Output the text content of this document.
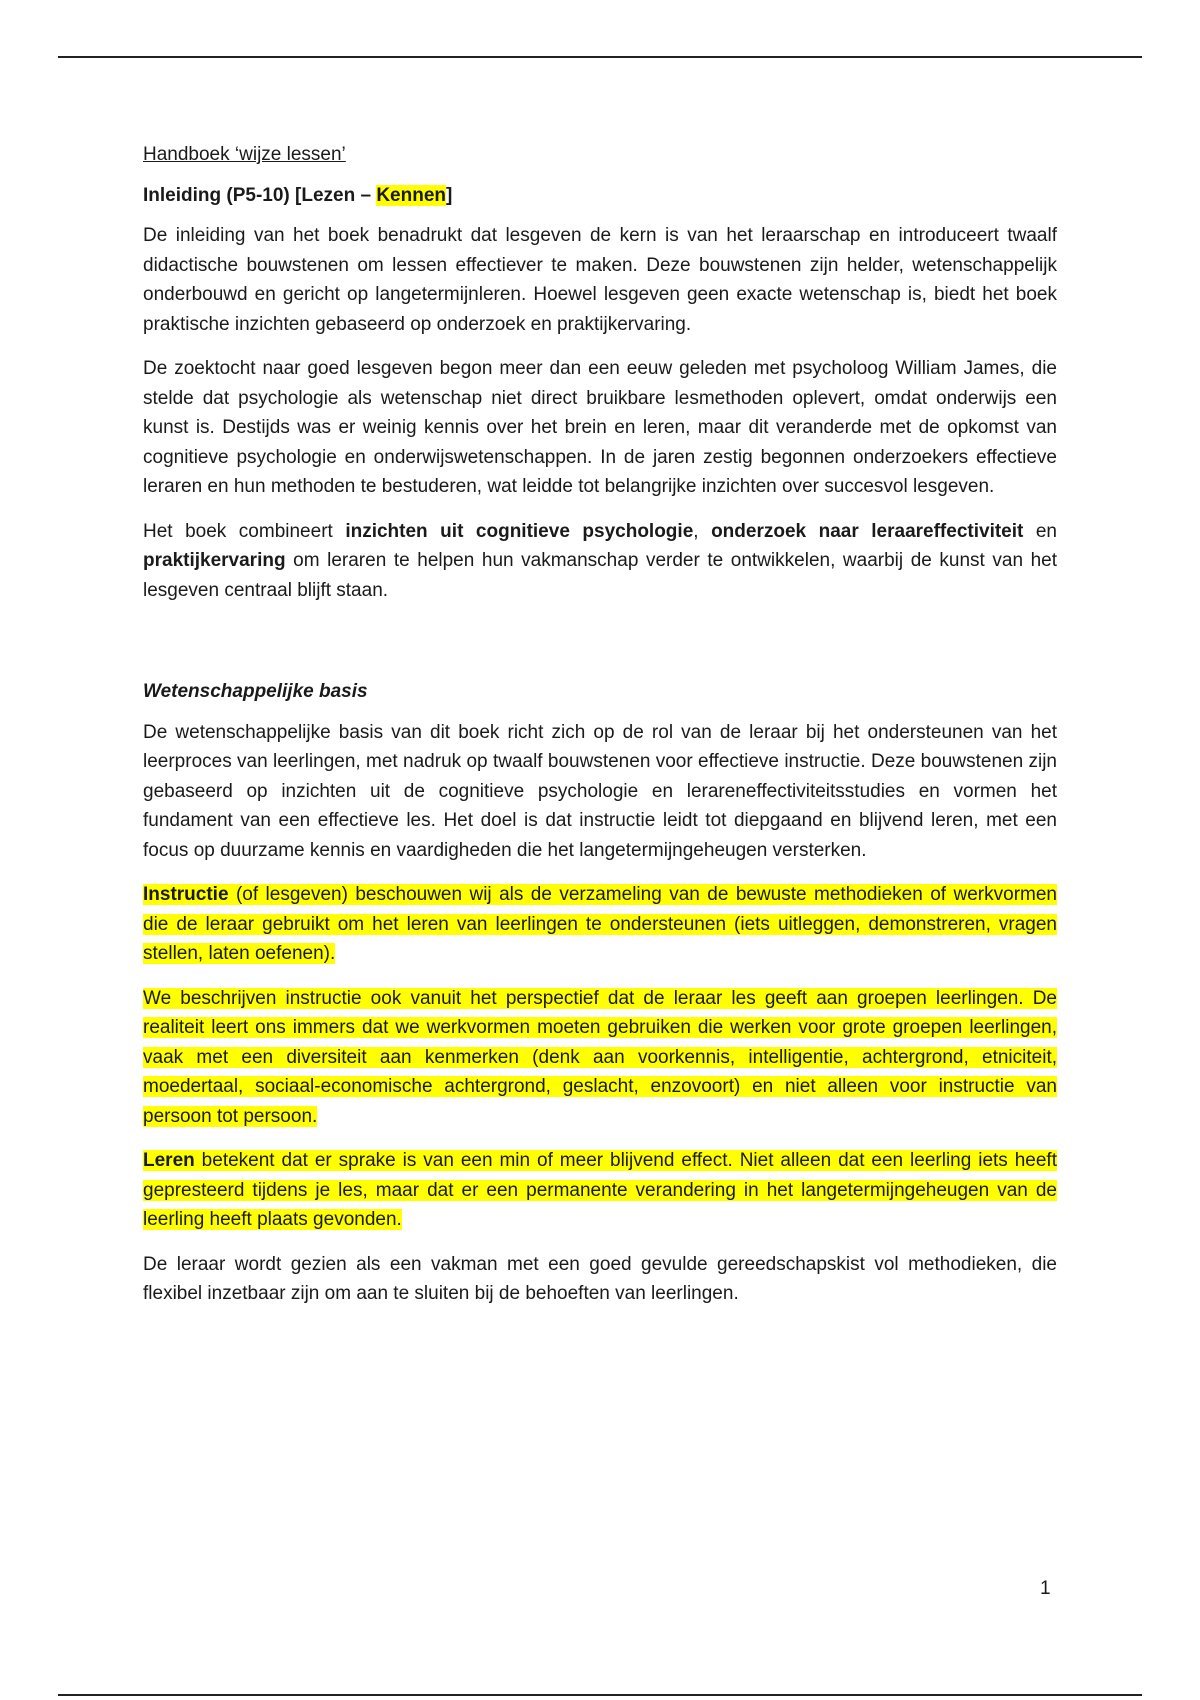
Handboek ‘wijze lessen’
Inleiding (P5-10) [Lezen – Kennen]

De inleiding van het boek benadrukt dat lesgeven de kern is van het leraarschap en introduceert twaalf didactische bouwstenen om lessen effectiever te maken. Deze bouwstenen zijn helder, wetenschappelijk onderbouwd en gericht op langetermijnleren. Hoewel lesgeven geen exacte wetenschap is, biedt het boek praktische inzichten gebaseerd op onderzoek en praktijkervaring.

De zoektocht naar goed lesgeven begon meer dan een eeuw geleden met psycholoog William James, die stelde dat psychologie als wetenschap niet direct bruikbare lesmethoden oplevert, omdat onderwijs een kunst is. Destijds was er weinig kennis over het brein en leren, maar dit veranderde met de opkomst van cognitieve psychologie en onderwijswetenschappen. In de jaren zestig begonnen onderzoekers effectieve leraren en hun methoden te bestuderen, wat leidde tot belangrijke inzichten over succesvol lesgeven.

Het boek combineert inzichten uit cognitieve psychologie, onderzoek naar leraareffectiviteit en praktijkervaring om leraren te helpen hun vakmanschap verder te ontwikkelen, waarbij de kunst van het lesgeven centraal blijft staan.

Wetenschappelijke basis

De wetenschappelijke basis van dit boek richt zich op de rol van de leraar bij het ondersteunen van het leerproces van leerlingen, met nadruk op twaalf bouwstenen voor effectieve instructie. Deze bouwstenen zijn gebaseerd op inzichten uit de cognitieve psychologie en lerareneffectiviteitsstudies en vormen het fundament van een effectieve les. Het doel is dat instructie leidt tot diepgaand en blijvend leren, met een focus op duurzame kennis en vaardigheden die het langetermijngeheugen versterken.

Instructie (of lesgeven) beschouwen wij als de verzameling van de bewuste methodieken of werkvormen die de leraar gebruikt om het leren van leerlingen te ondersteunen (iets uitleggen, demonstreren, vragen stellen, laten oefenen).

We beschrijven instructie ook vanuit het perspectief dat de leraar les geeft aan groepen leerlingen. De realiteit leert ons immers dat we werkvormen moeten gebruiken die werken voor grote groepen leerlingen, vaak met een diversiteit aan kenmerken (denk aan voorkennis, intelligentie, achtergrond, etniciteit, moedertaal, sociaal-economische achtergrond, geslacht, enzovoort) en niet alleen voor instructie van persoon tot persoon.

Leren betekent dat er sprake is van een min of meer blijvend effect. Niet alleen dat een leerling iets heeft gepresteerd tijdens je les, maar dat er een permanente verandering in het langetermijngeheugen van de leerling heeft plaats gevonden.

De leraar wordt gezien als een vakman met een goed gevulde gereedschapskist vol methodieken, die flexibel inzetbaar zijn om aan te sluiten bij de behoeften van leerlingen.

1
